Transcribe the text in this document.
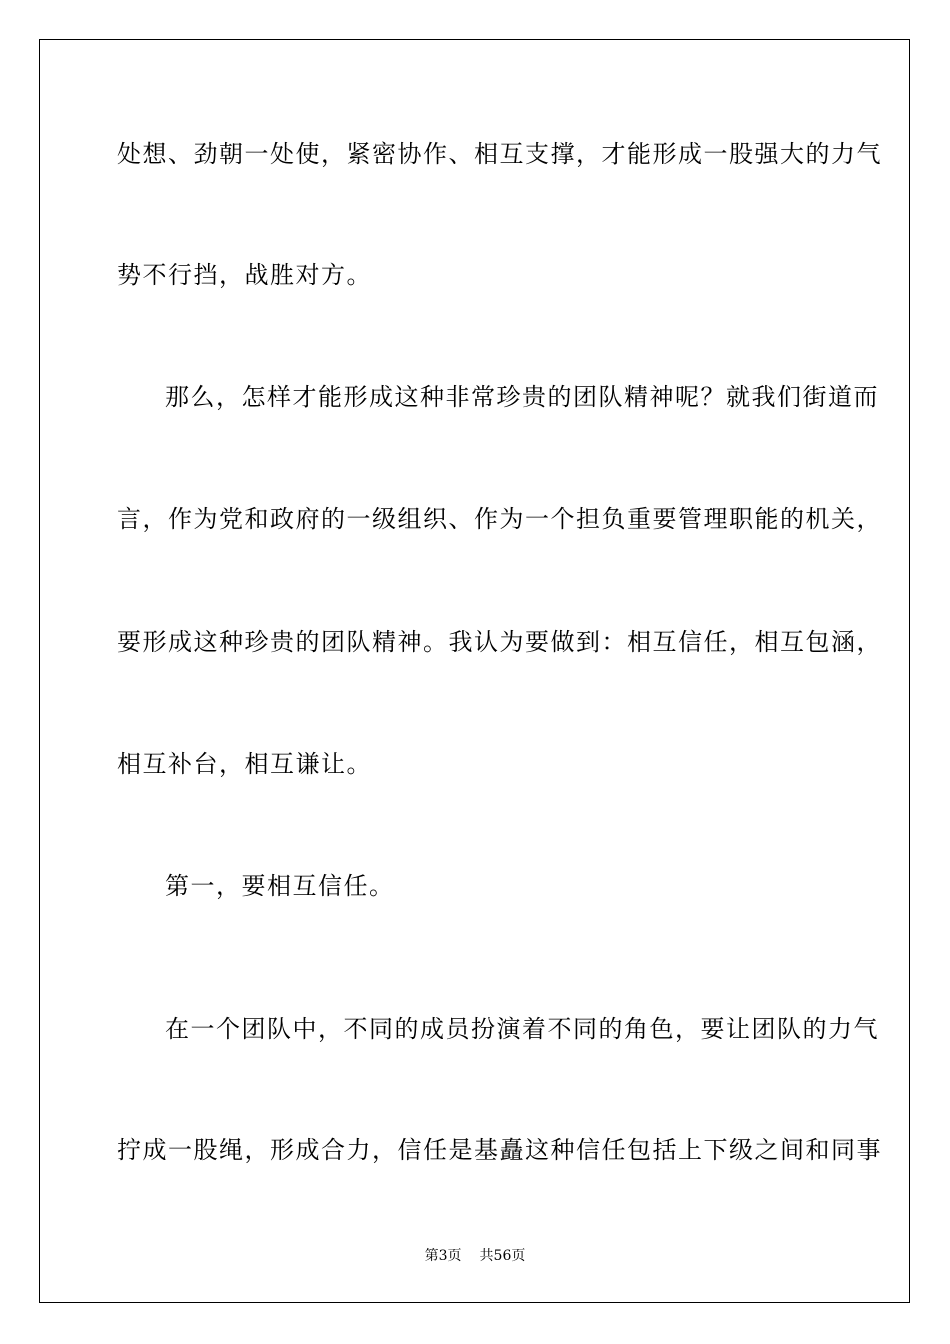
处想、劲朝一处使，紧密协作、相互支撑，才能形成一股强大的力气
势不行挡，战胜对方。
那么，怎样才能形成这种非常珍贵的团队精神呢？就我们街道而
言，作为党和政府的一级组织、作为一个担负重要管理职能的机关，
要形成这种珍贵的团队精神。我认为要做到：相互信任，相互包涵，
相互补台，相互谦让。
第一，要相互信任。
在一个团队中，不同的成员扮演着不同的角色，要让团队的力气
拧成一股绳，形成合力，信任是基矗这种信任包括上下级之间和同事
第3页 共56页
